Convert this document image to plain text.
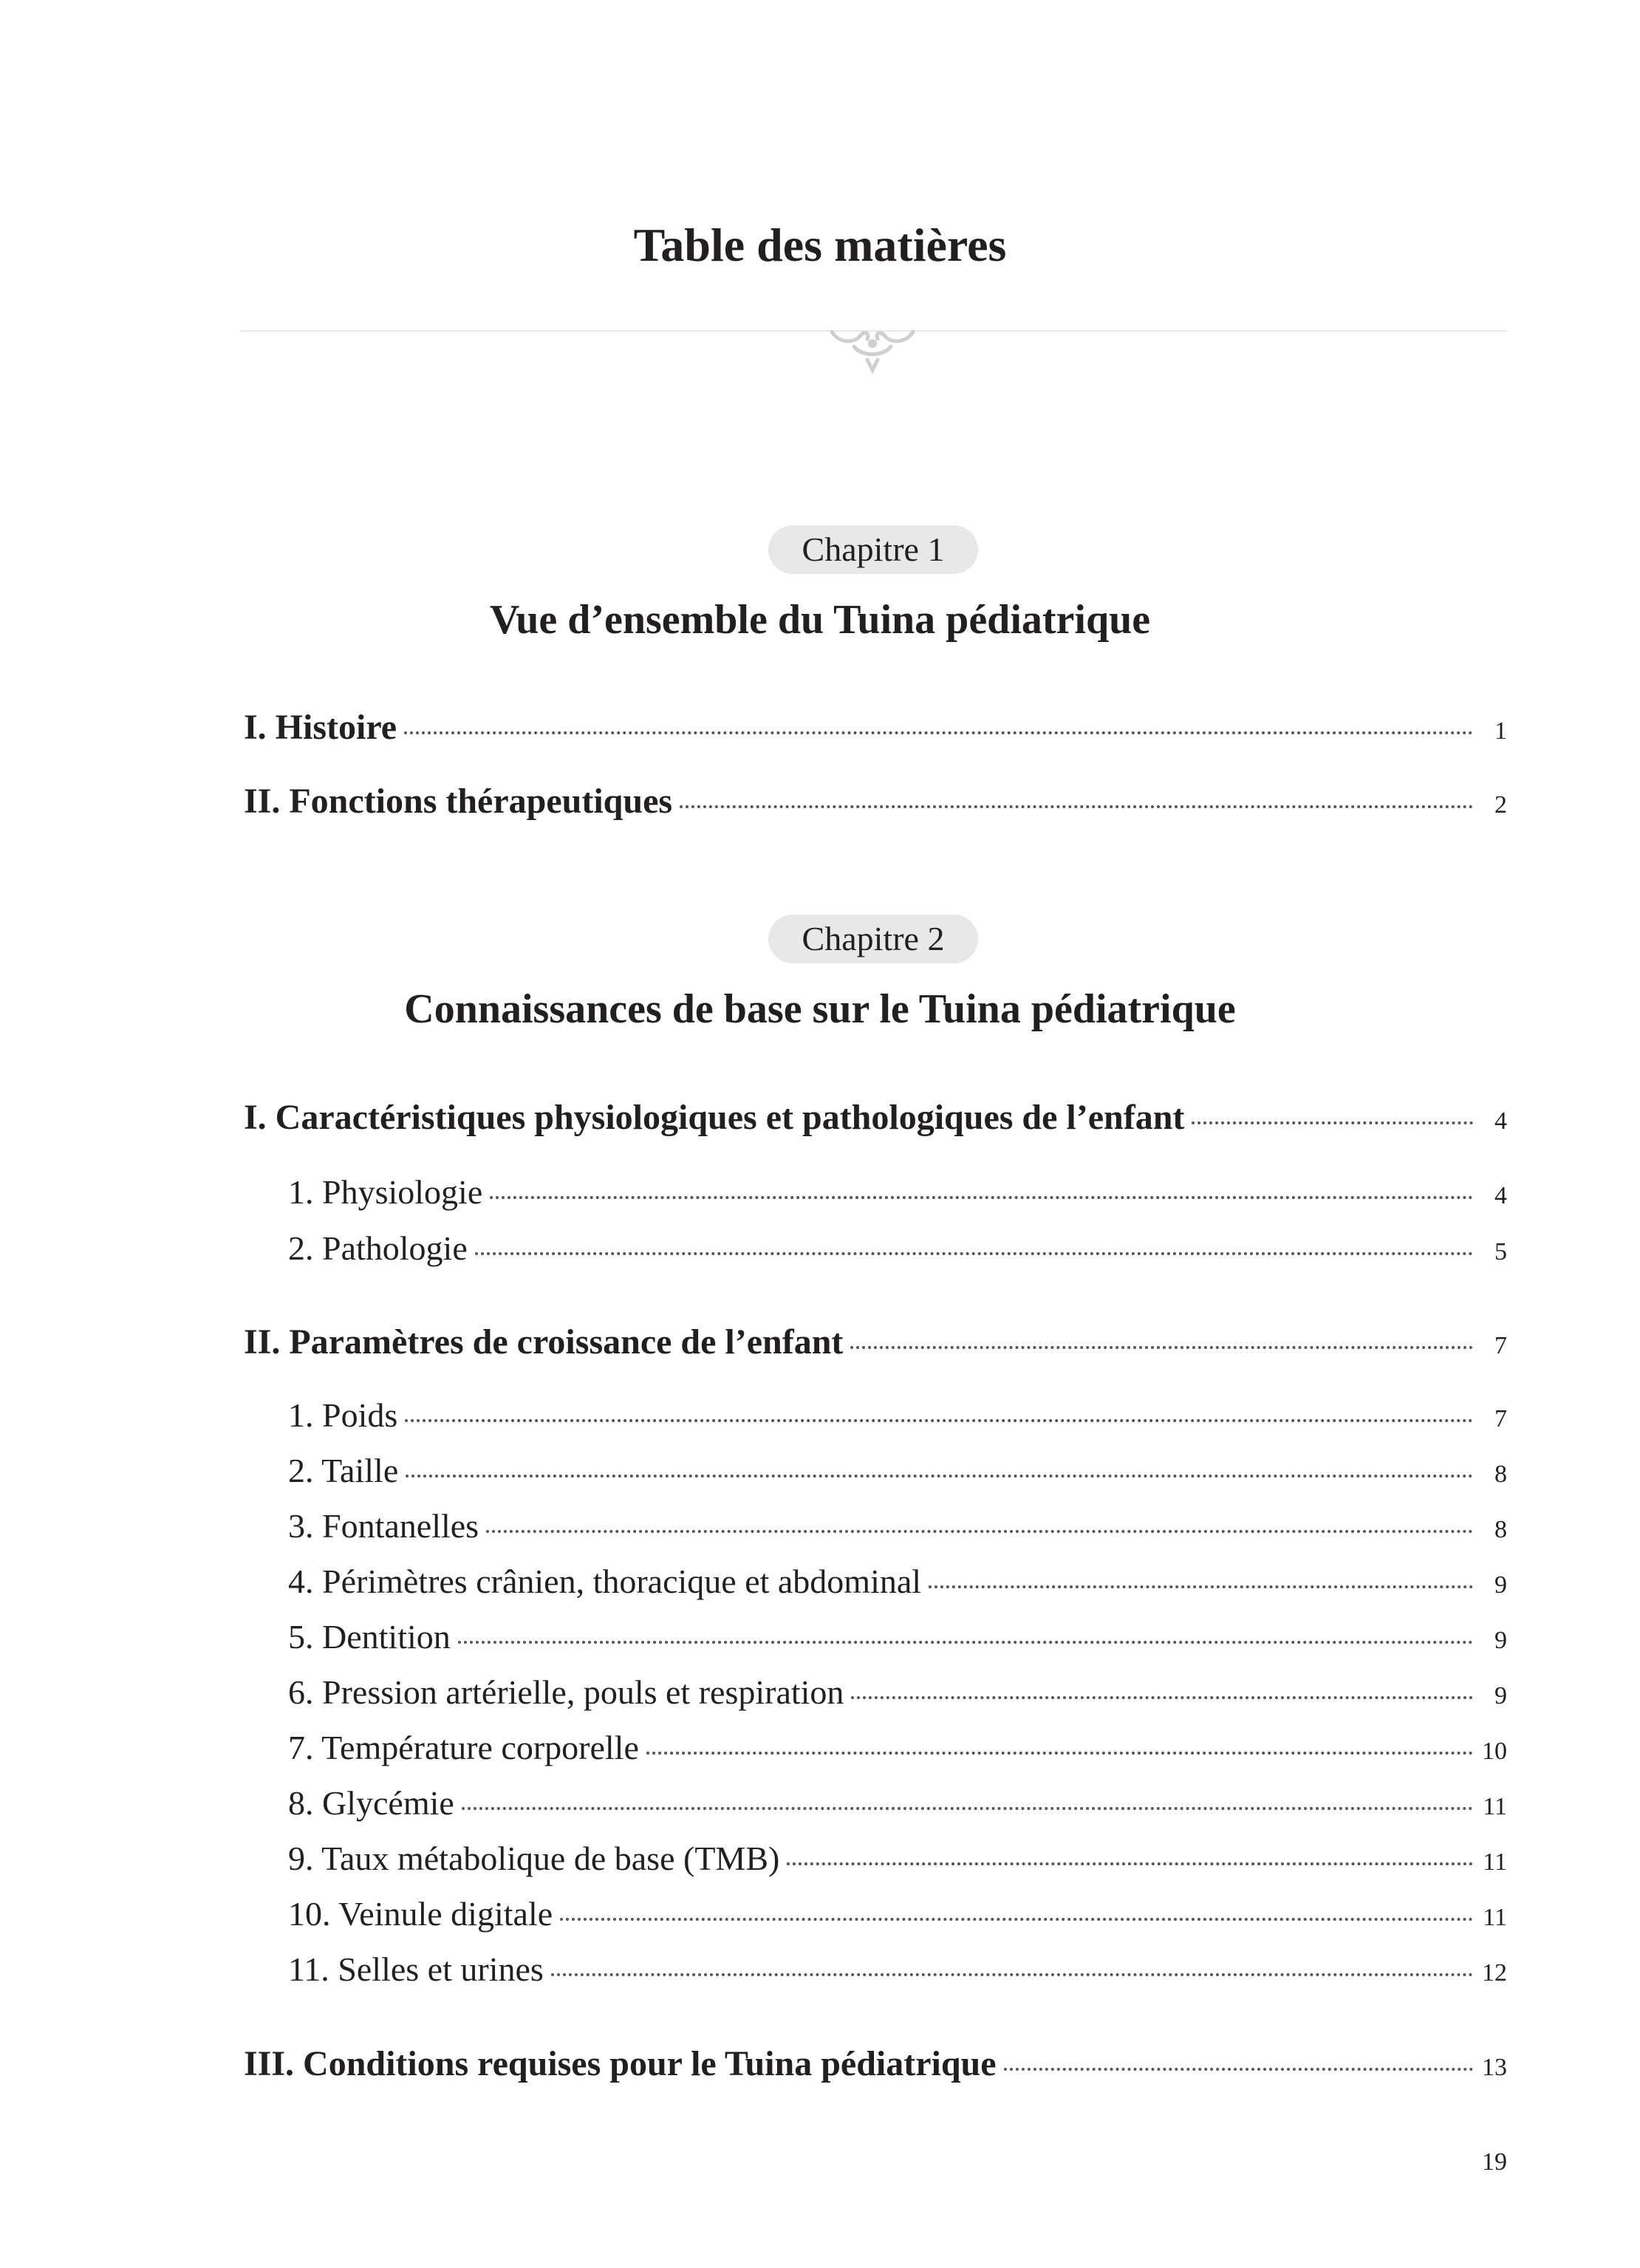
Table des matières
Chapitre 1
Vue d’ensemble du Tuina pédiatrique
I. Histoire	1
II. Fonctions thérapeutiques	2
Chapitre 2
Connaissances de base sur le Tuina pédiatrique
I. Caractéristiques physiologiques et pathologiques de l’enfant	4
1. Physiologie	4
2. Pathologie	5
II. Paramètres de croissance de l’enfant	7
1. Poids	7
2. Taille	8
3. Fontanelles	8
4. Périmètres crânien, thoracique et abdominal	9
5. Dentition	9
6. Pression artérielle, pouls et respiration	9
7. Température corporelle	10
8. Glycémie	11
9. Taux métabolique de base (TMB)	11
10. Veinule digitale	11
11. Selles et urines	12
III. Conditions requises pour le Tuina pédiatrique	13
19
